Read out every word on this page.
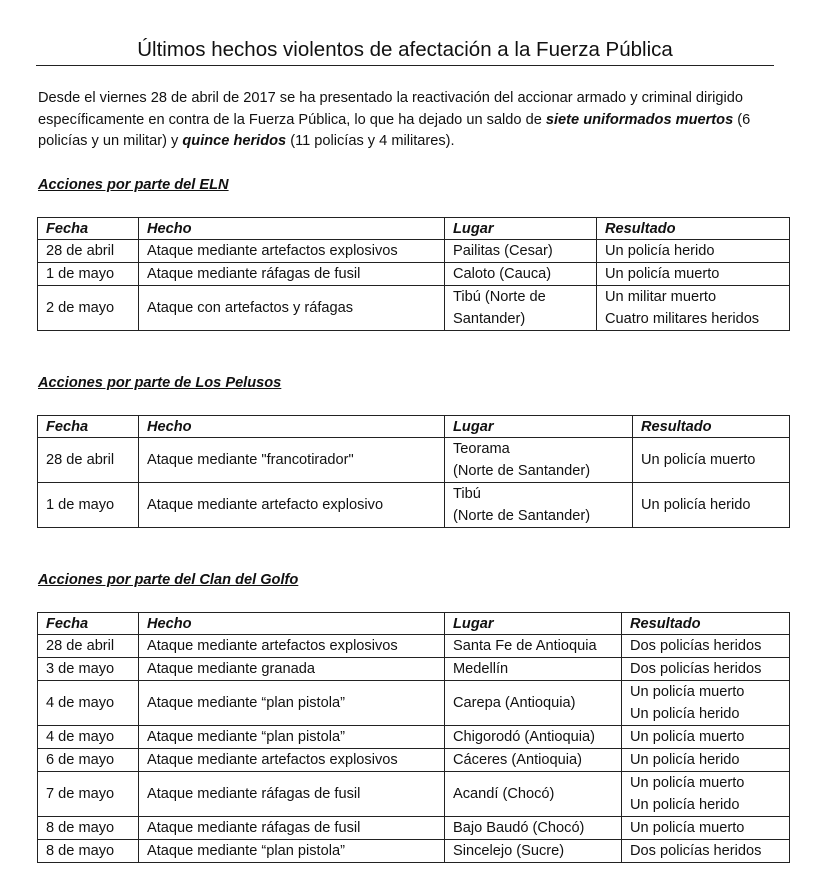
Últimos hechos violentos de afectación a la Fuerza Pública

Desde el viernes 28 de abril de 2017 se ha presentado la reactivación del accionar armado y criminal dirigido específicamente en contra de la Fuerza Pública, lo que ha dejado un saldo de siete uniformados muertos (6 policías y un militar) y quince heridos (11 policías y 4 militares).

Acciones por parte del ELN
Fecha	Hecho	Lugar	Resultado
28 de abril	Ataque mediante artefactos explosivos	Pailitas (Cesar)	Un policía herido

1 de mayo	Ataque mediante ráfagas de fusil	Caloto (Cauca)	Un policía muerto

2 de mayo	Ataque con artefactos y ráfagas	Tibú (Norte de
Santander)	Un militar muerto
Cuatro militares heridos
Acciones por parte de Los Pelusos
Fecha	Hecho	Lugar	Resultado
28 de abril	Ataque mediante "francotirador"	Teorama
(Norte de Santander)	Un policía muerto

1 de mayo	Ataque mediante artefacto explosivo	Tibú
(Norte de Santander)	Un policía herido
Acciones por parte del Clan del Golfo
Fecha	Hecho	Lugar	Resultado
28 de abril	Ataque mediante artefactos explosivos	Santa Fe de Antioquia	Dos policías heridos

3 de mayo	Ataque mediante granada	Medellín	Dos policías heridos

4 de mayo	Ataque mediante “plan pistola”	Carepa (Antioquia)	Un policía muerto
Un policía herido

4 de mayo	Ataque mediante “plan pistola”	Chigorodó (Antioquia)	Un policía muerto

6 de mayo	Ataque mediante artefactos explosivos	Cáceres (Antioquia)	Un policía herido

7 de mayo	Ataque mediante ráfagas de fusil	Acandí (Chocó)	Un policía muerto
Un policía herido

8 de mayo	Ataque mediante ráfagas de fusil	Bajo Baudó (Chocó)	Un policía muerto

8 de mayo	Ataque mediante “plan pistola”	Sincelejo (Sucre)	Dos policías heridos
